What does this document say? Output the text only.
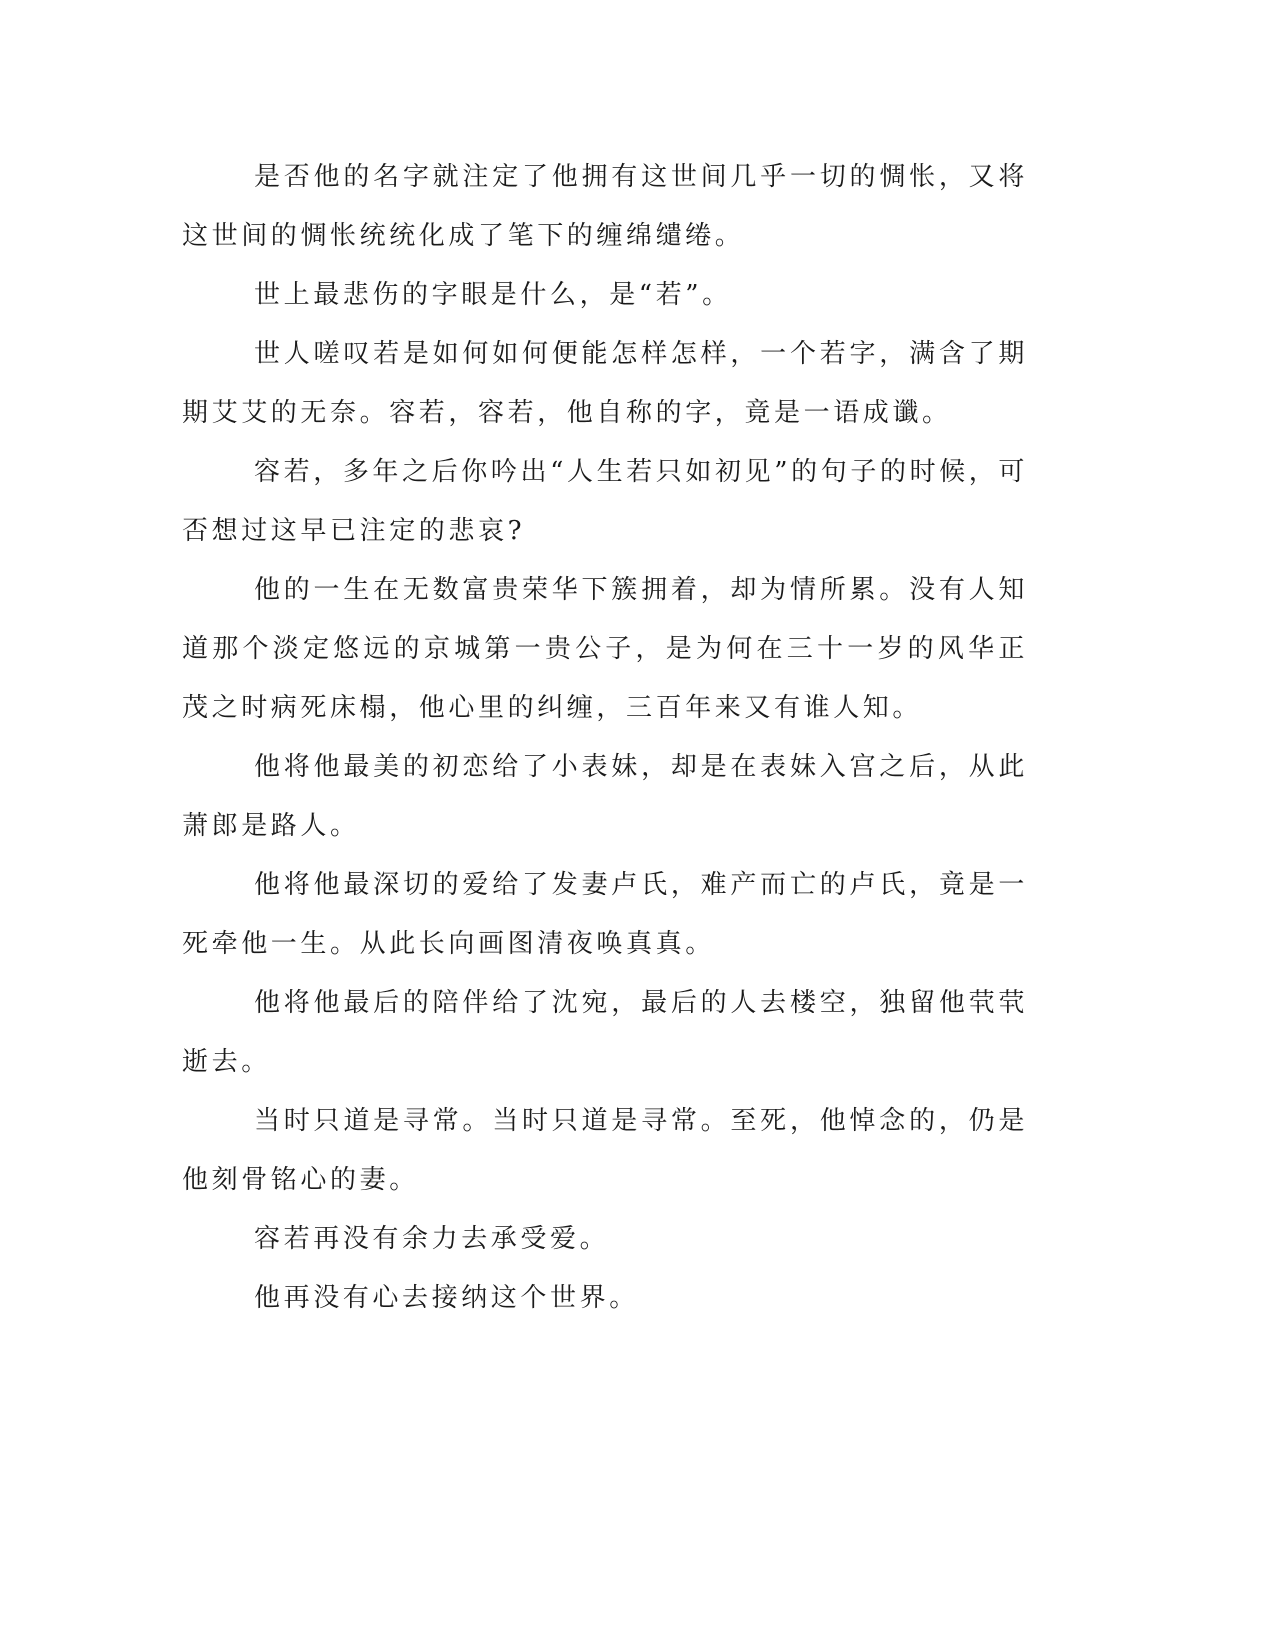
是否他的名字就注定了他拥有这世间几乎一切的惆怅，又将这世间的惆怅统统化成了笔下的缠绵缱绻。

世上最悲伤的字眼是什么，是“若”。

世人嗟叹若是如何如何便能怎样怎样，一个若字，满含了期期艾艾的无奈。容若，容若，他自称的字，竟是一语成谶。

容若，多年之后你吟出“人生若只如初见”的句子的时候，可否想过这早已注定的悲哀?

他的一生在无数富贵荣华下簇拥着，却为情所累。没有人知道那个淡定悠远的京城第一贵公子，是为何在三十一岁的风华正茂之时病死床榻，他心里的纠缠，三百年来又有谁人知。

他将他最美的初恋给了小表妹，却是在表妹入宫之后，从此萧郎是路人。

他将他最深切的爱给了发妻卢氏，难产而亡的卢氏，竟是一死牵他一生。从此长向画图清夜唤真真。

他将他最后的陪伴给了沈宛，最后的人去楼空，独留他茕茕逝去。

当时只道是寻常。当时只道是寻常。至死，他悼念的，仍是他刻骨铭心的妻。

容若再没有余力去承受爱。

他再没有心去接纳这个世界。
